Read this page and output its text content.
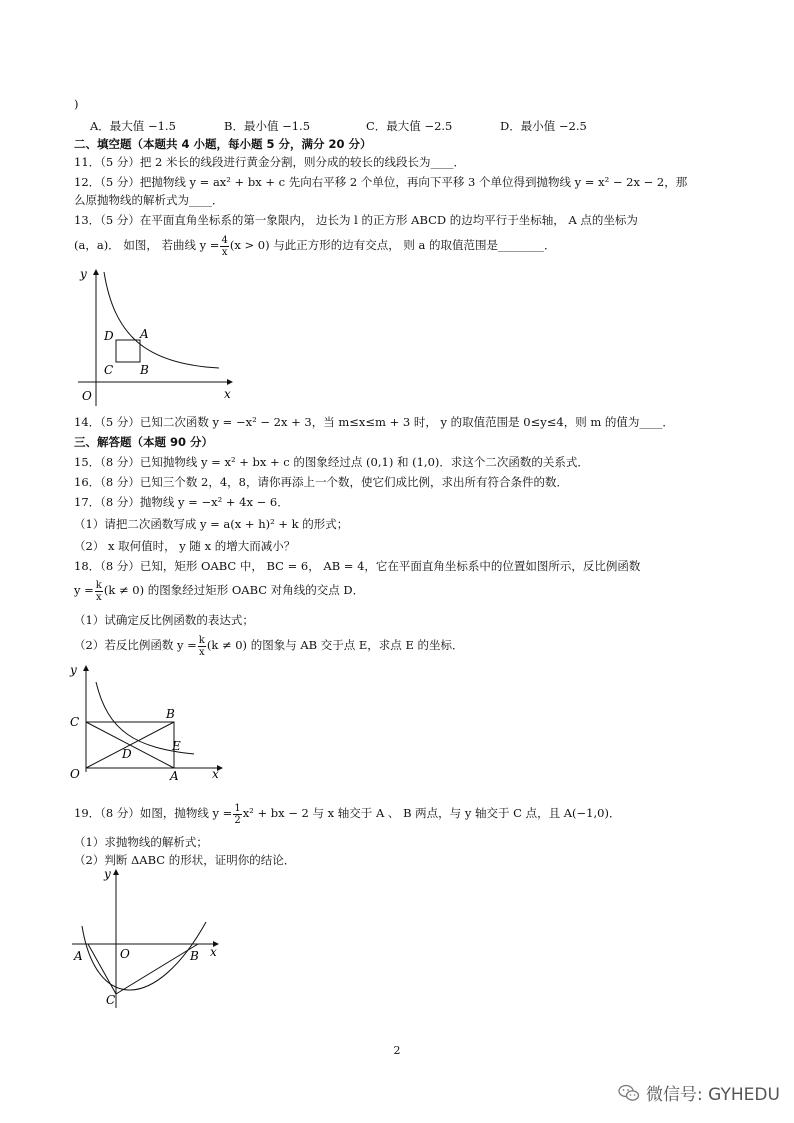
)
A．最大值 −1.5	B．最小值 −1.5	C．最大值 −2.5	D．最小值 −2.5
二、填空题（本题共 4 小题，每小题 5 分，满分 20 分）
11．（5 分）把 2 米长的线段进行黄金分割，则分成的较长的线段长为____．
12．（5 分）把抛物线 y = ax² + bx + c 先向右平移 2 个单位，再向下平移 3 个单位得到抛物线 y = x² − 2x − 2，那
么原抛物线的解析式为____．
13．（5 分）在平面直角坐标系的第一象限内， 边长为 l 的正方形 ABCD 的边均平行于坐标轴， A 点的坐标为
(a，a)． 如图， 若曲线 $y = \frac{4}{x} (x > 0)$ 与此正方形的边有交点， 则 a 的取值范围是________．
y
x
O
A
B
C
D
14．（5 分）已知二次函数 y = −x² − 2x + 3，当 m≤x≤m + 3 时， y 的取值范围是 0≤y≤4，则 m 的值为____．
三、解答题（本题 90 分）
15．（8 分）已知抛物线 y = x² + bx + c 的图象经过点 (0,1) 和 (1,0)．求这个二次函数的关系式．
16．（8 分）已知三个数 2，4，8，请你再添上一个数，使它们成比例，求出所有符合条件的数．
17．（8 分）抛物线 y = −x² + 4x − 6．
（1）请把二次函数写成 y = a(x + h)² + k 的形式；
（2） x 取何值时， y 随 x 的增大而减小？
18．（8 分）已知，矩形 OABC 中， BC = 6， AB = 4，它在平面直角坐标系中的位置如图所示，反比例函数
$y = \frac{k}{x} (k \ne 0)$ 的图象经过矩形 OABC 对角线的交点 D．
（1）试确定反比例函数的表达式；
（2）若反比例函数 $y = \frac{k}{x} (k \ne 0)$ 的图象与 AB 交于点 E，求点 E 的坐标．
y
x
O	A
B
C
D
E
19．（8 分）如图，抛物线 $y = \frac{1}{2} x^2$ + bx − 2 与 x 轴交于 A 、 B 两点，与 y 轴交于 C 点，且 A(−1,0)．
（1）求抛物线的解析式；
（2）判断 ΔABC 的形状，证明你的结论．
y
x
O
A	B
C
2
微信号: GYHEDU
